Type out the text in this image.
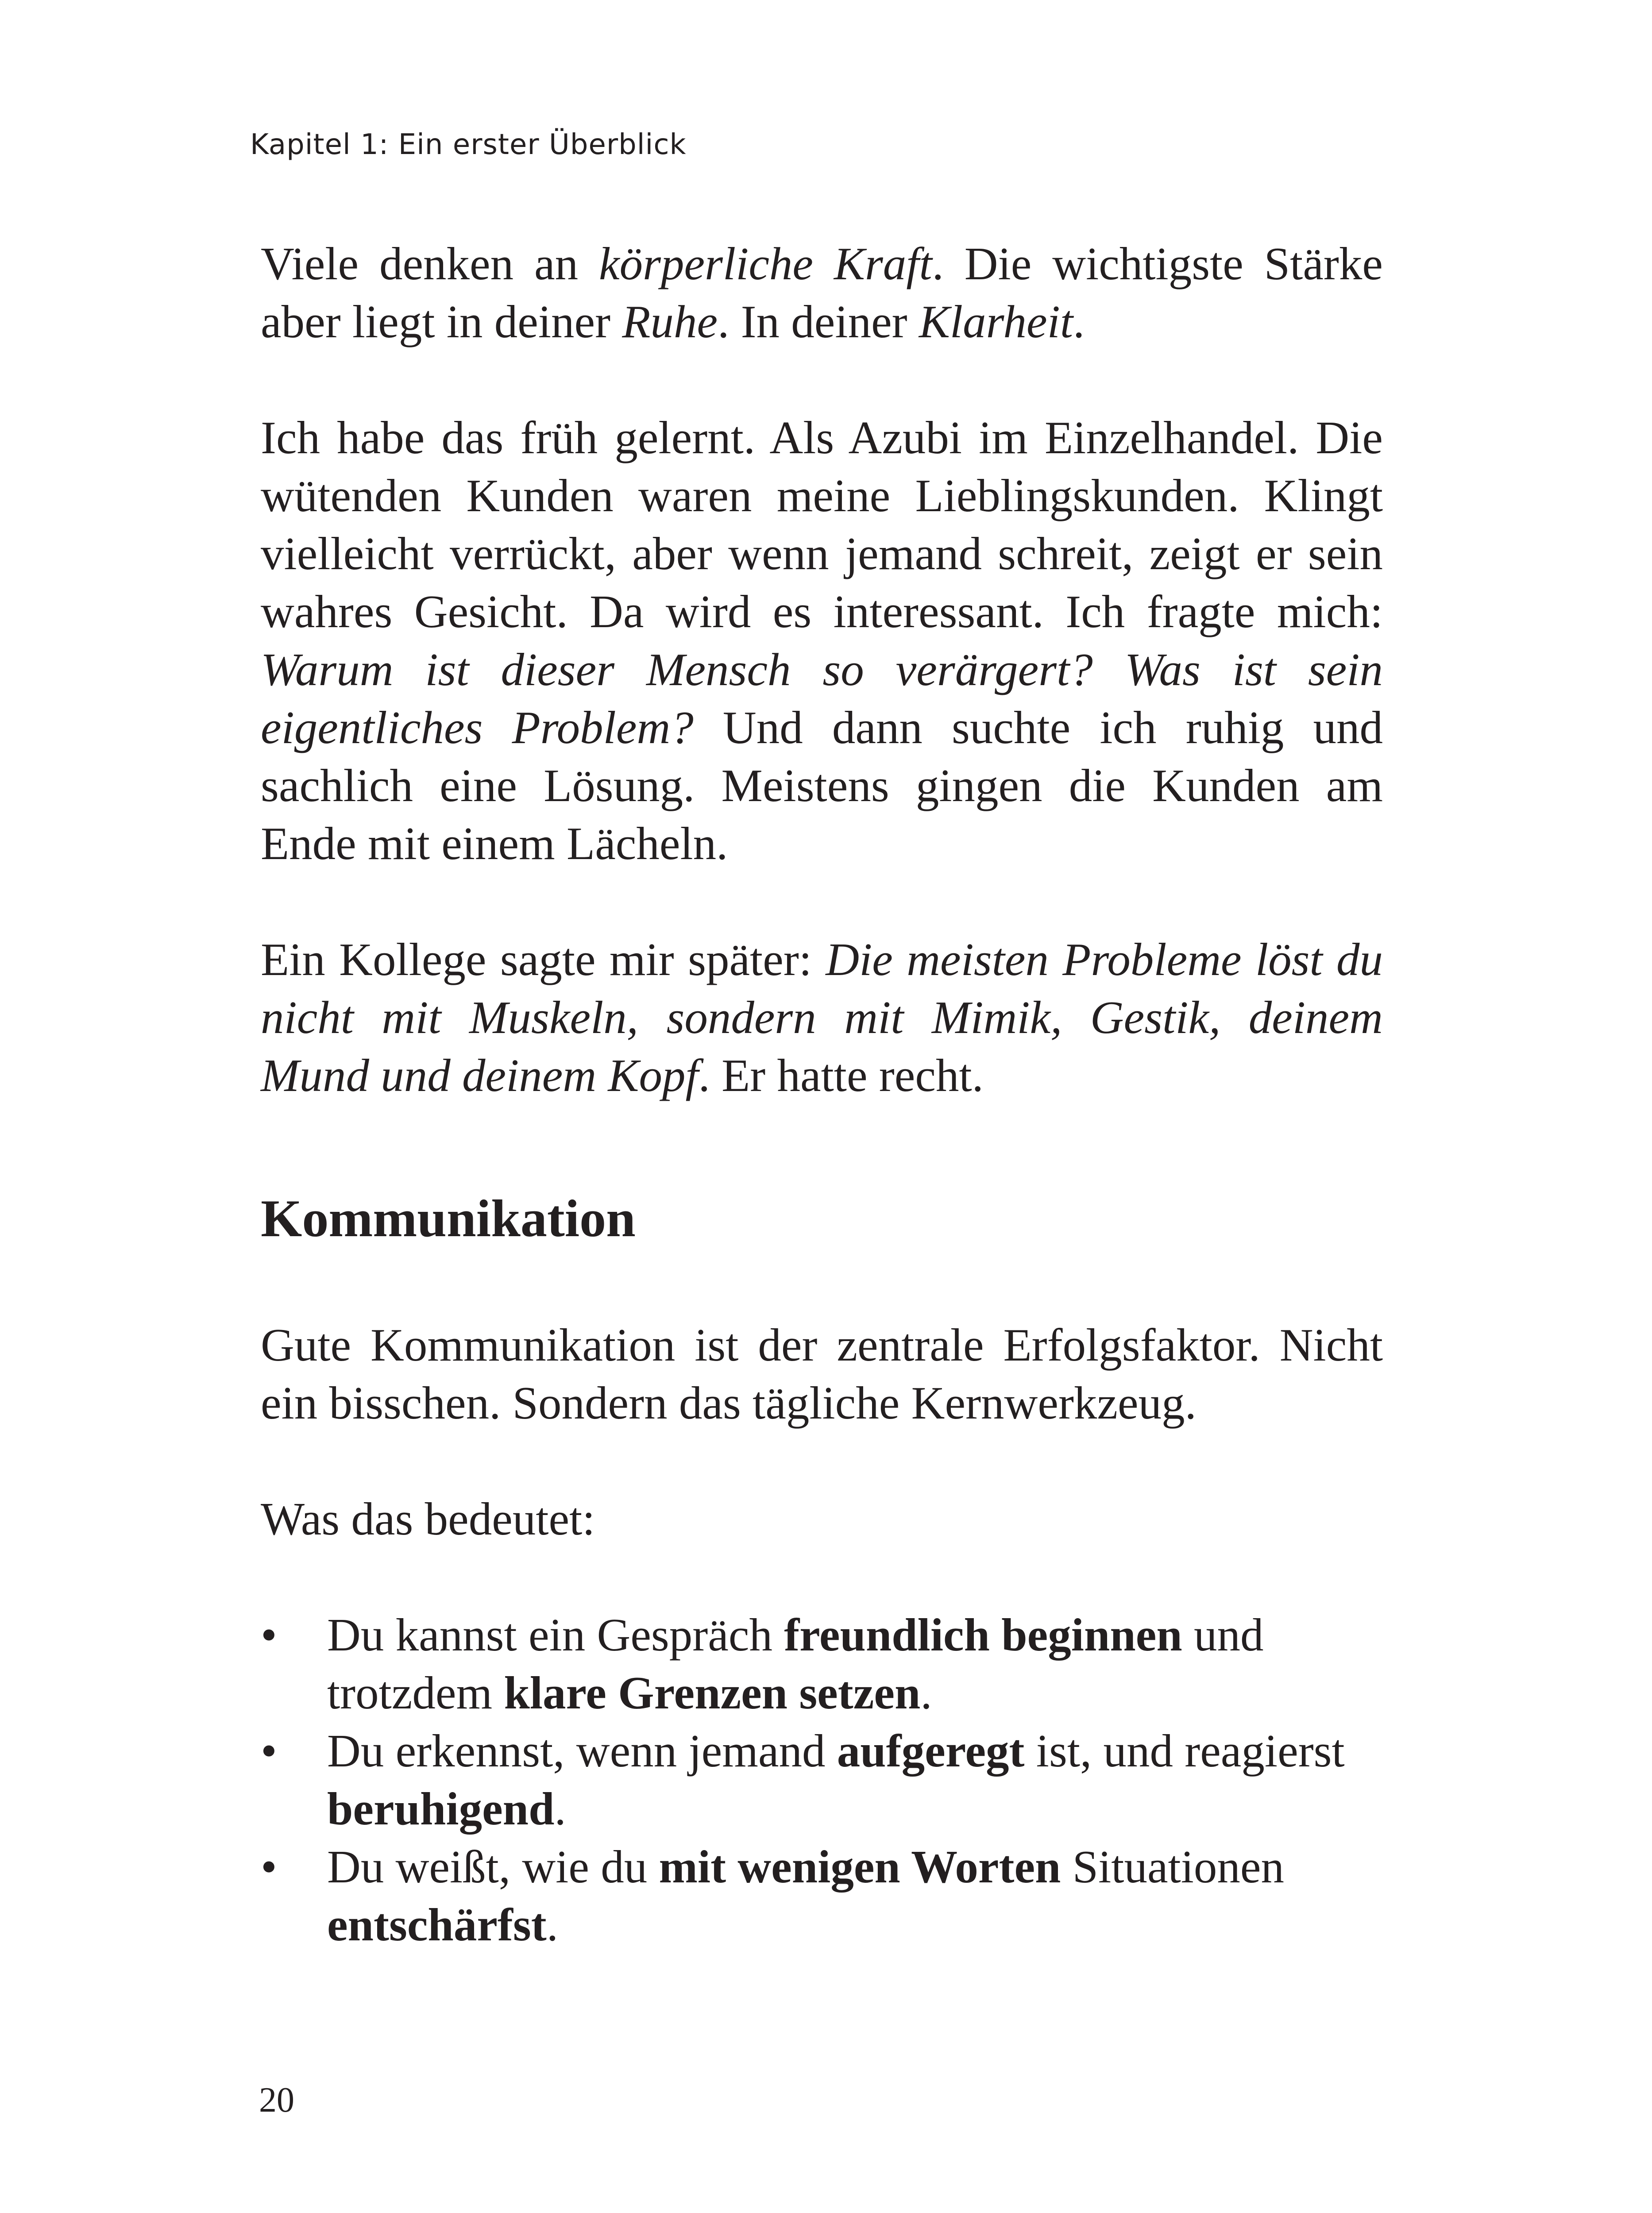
Kapitel 1: Ein erster Überblick

Viele denken an körperliche Kraft. Die wichtigste Stärke aber liegt in deiner Ruhe. In deiner Klarheit.

Ich habe das früh gelernt. Als Azubi im Einzelhandel. Die wütenden Kunden waren meine Lieblingskunden. Klingt vielleicht verrückt, aber wenn jemand schreit, zeigt er sein wahres Gesicht. Da wird es interessant. Ich fragte mich: Warum ist dieser Mensch so verärgert? Was ist sein eigentliches Problem? Und dann suchte ich ruhig und sachlich eine Lösung. Meistens gingen die Kunden am Ende mit einem Lächeln.

Ein Kollege sagte mir später: Die meisten Probleme löst du nicht mit Muskeln, sondern mit Mimik, Gestik, deinem Mund und deinem Kopf. Er hatte recht.

Kommunikation

Gute Kommunikation ist der zentrale Erfolgsfaktor. Nicht ein bisschen. Sondern das tägliche Kernwerkzeug.

Was das bedeutet:

• Du kannst ein Gespräch freundlich beginnen und trotzdem klare Grenzen setzen.
• Du erkennst, wenn jemand aufgeregt ist, und reagierst beruhigend.
• Du weißt, wie du mit wenigen Worten Situationen entschärfst.
20
